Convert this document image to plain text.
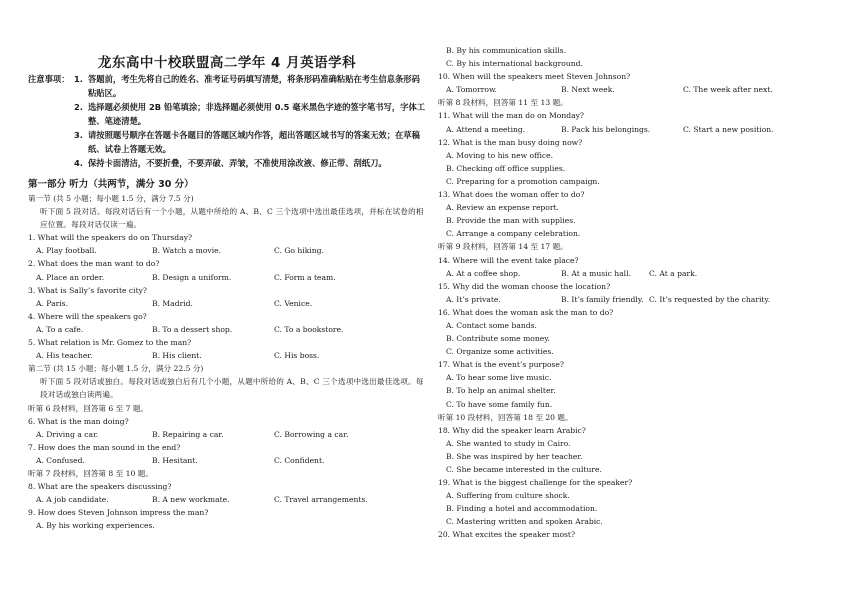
龙东高中十校联盟高二学年 4 月英语学科
注意事项： 1. 答题前，考生先将自己的姓名、准考证号码填写清楚，将条形码准确粘贴在考生信息条形码粘贴区。
2. 选择题必须使用 2B 铅笔填涂；非选择题必须使用 0.5 毫米黑色字迹的签字笔书写，字体工整、笔迹清楚。
3. 请按照题号顺序在答题卡各题目的答题区域内作答，超出答题区域书写的答案无效；在草稿纸、试卷上答题无效。
4. 保持卡面清洁，不要折叠，不要弄破、弄皱，不准使用涂改液、修正带、刮纸刀。
第一部分 听力（共两节，满分 30 分）
第一节 (共 5 小题；每小题 1.5 分，满分 7.5 分)
听下面 5 段对话。每段对话后有一个小题，从题中所给的 A、B、C 三个选项中选出最佳选项，并标在试卷的相应位置。每段对话仅读一遍。
1. What will the speakers do on Thursday?
A. Play football.	B. Watch a movie.	C. Go hiking.
2. What does the man want to do?
A. Place an order.	B. Design a uniform.	C. Form a team.
3. What is Sally’s favorite city?
A. Paris.	B. Madrid.	C. Venice.
4. Where will the speakers go?
A. To a cafe.	B. To a dessert shop.	C. To a bookstore.
5. What relation is Mr. Gomez to the man?
A. His teacher.	B. His client.	C. His boss.
第二节 (共 15 小题；每小题 1.5 分，满分 22.5 分)
听下面 5 段对话或独白。每段对话或独白后有几个小题，从题中所给的 A、B、C 三个选项中选出最佳选项。每段对话或独白读两遍。
听第 6 段材料，回答第 6 至 7 题。
6. What is the man doing?
A. Driving a car.	B. Repairing a car.	C. Borrowing a car.
7. How does the man sound in the end?
A. Confused.	B. Hesitant.	C. Confident.
听第 7 段材料，回答第 8 至 10 题。
8. What are the speakers discussing?
A. A job candidate.	B. A new workmate.	C. Travel arrangements.
9. How does Steven Johnson impress the man?
A. By his working experiences.
B. By his communication skills.
C. By his international background.
10. When will the speakers meet Steven Johnson?
A. Tomorrow.	B. Next week.	C. The week after next.
听第 8 段材料，回答第 11 至 13 题。
11. What will the man do on Monday?
A. Attend a meeting.	B. Pack his belongings.	C. Start a new position.
12. What is the man busy doing now?
A. Moving to his new office.
B. Checking off office supplies.
C. Preparing for a promotion campaign.
13. What does the woman offer to do?
A. Review an expense report.
B. Provide the man with supplies.
C. Arrange a company celebration.
听第 9 段材料，回答第 14 至 17 题。
14. Where will the event take place?
A. At a coffee shop.	B. At a music hall.	C. At a park.
15. Why did the woman choose the location?
A. It’s private.	B. It’s family friendly. C. It’s requested by the charity.
16. What does the woman ask the man to do?
A. Contact some bands.
B. Contribute some money.
C. Organize some activities.
17. What is the event’s purpose?
A. To hear some live music.
B. To help an animal shelter.
C. To have some family fun.
听第 10 段材料，回答第 18 至 20 题。
18. Why did the speaker learn Arabic?
A. She wanted to study in Cairo.
B. She was inspired by her teacher.
C. She became interested in the culture.
19. What is the biggest challenge for the speaker?
A. Suffering from culture shock.
B. Finding a hotel and accommodation.
C. Mastering written and spoken Arabic.
20. What excites the speaker most?
